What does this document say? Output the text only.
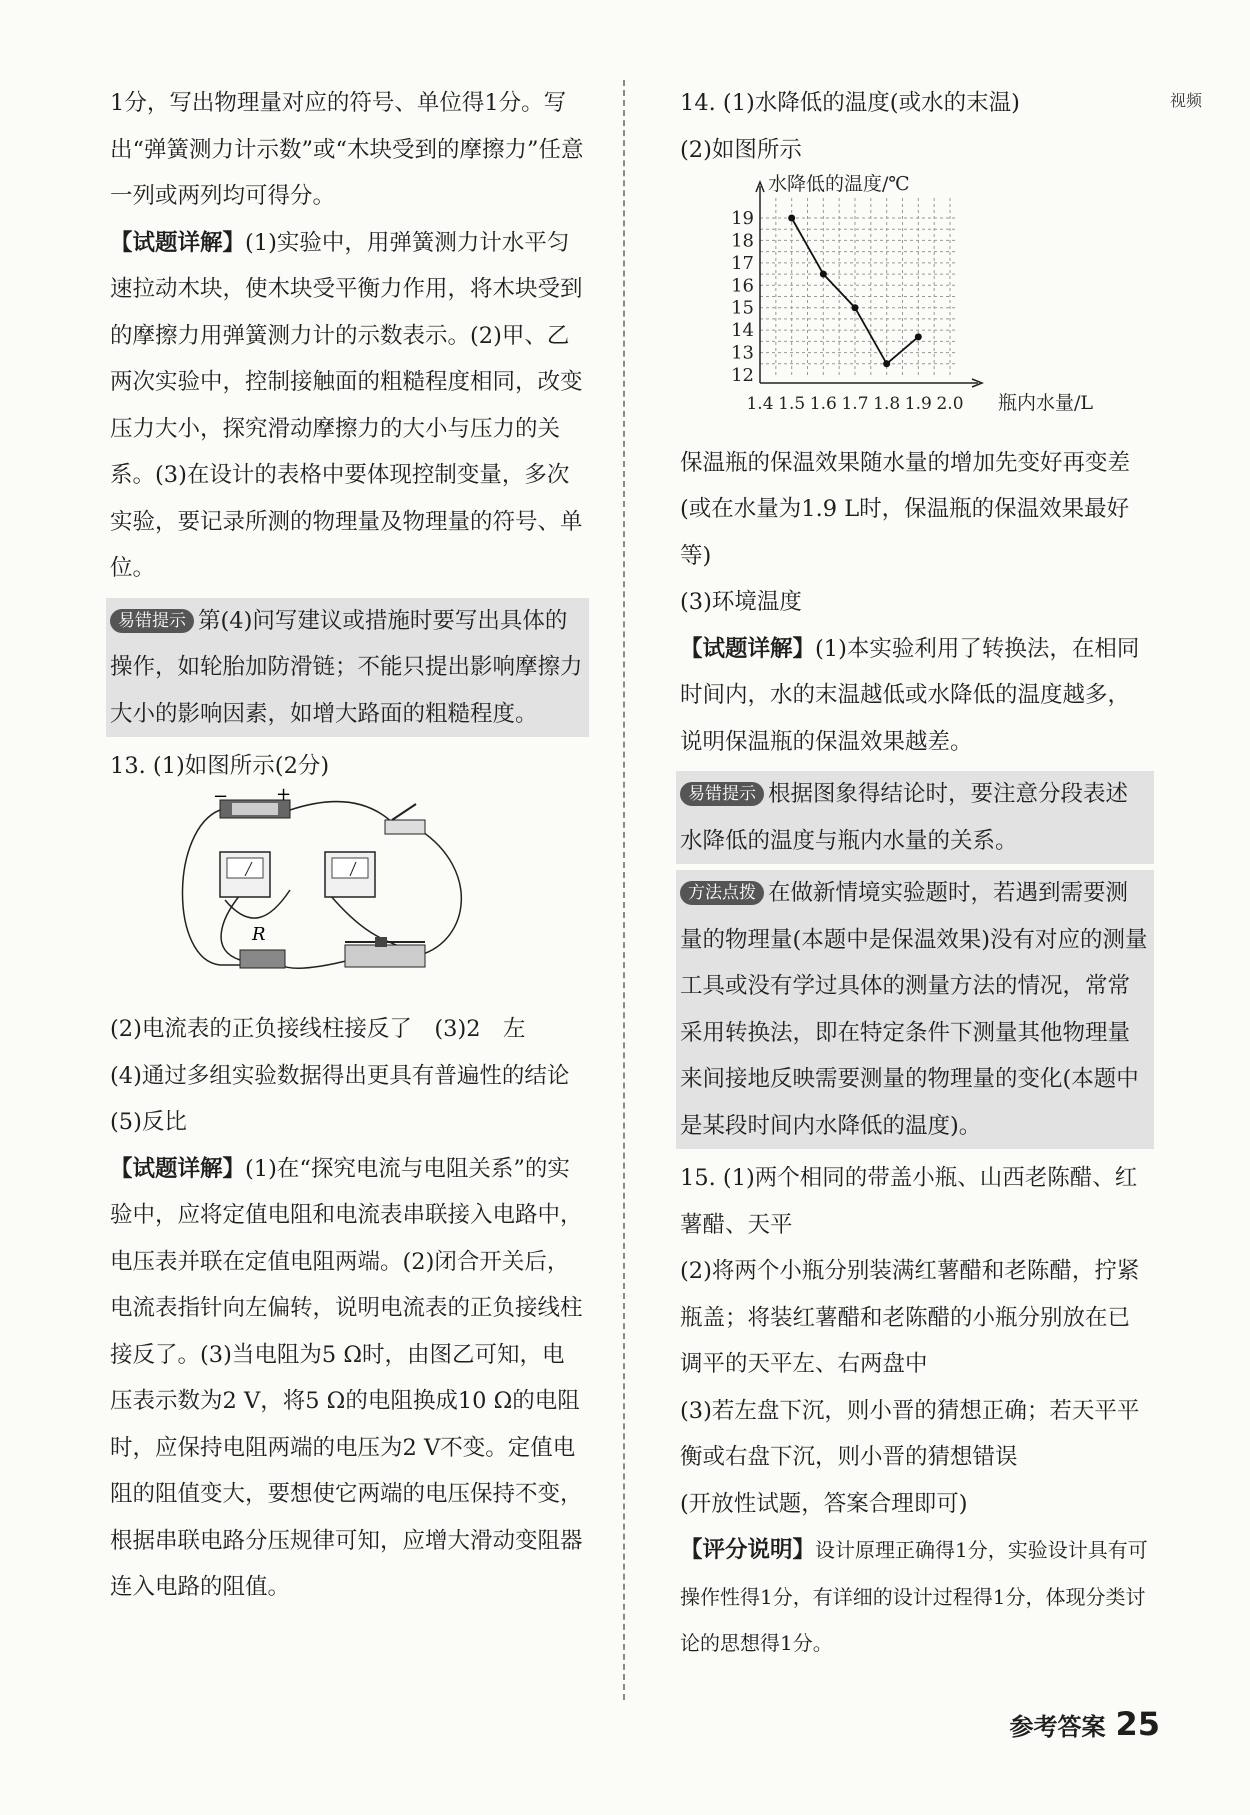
视频

1分，写出物理量对应的符号、单位得1分。写出“弹簧测力计示数”或“木块受到的摩擦力”任意一列或两列均可得分。

【试题详解】(1)实验中，用弹簧测力计水平匀速拉动木块，使木块受平衡力作用，将木块受到的摩擦力用弹簧测力计的示数表示。(2)甲、乙两次实验中，控制接触面的粗糙程度相同，改变压力大小，探究滑动摩擦力的大小与压力的关系。(3)在设计的表格中要体现控制变量，多次实验，要记录所测的物理量及物理量的符号、单位。

易错提示 第(4)问写建议或措施时要写出具体的操作，如轮胎加防滑链；不能只提出影响摩擦力大小的影响因素，如增大路面的粗糙程度。

13. (1)如图所示(2分)

−	+
R

(2)电流表的正负接线柱接反了　(3)2　左

(4)通过多组实验数据得出更具有普遍性的结论

(5)反比

【试题详解】(1)在“探究电流与电阻关系”的实验中，应将定值电阻和电流表串联接入电路中，电压表并联在定值电阻两端。(2)闭合开关后，电流表指针向左偏转，说明电流表的正负接线柱接反了。(3)当电阻为5 Ω时，由图乙可知，电压表示数为2 V，将5 Ω的电阻换成10 Ω的电阻时，应保持电阻两端的电压为2 V不变。定值电阻的阻值变大，要想使它两端的电压保持不变，根据串联电路分压规律可知，应增大滑动变阻器连入电路的阻值。

14. (1)水降低的温度(或水的末温)

(2)如图所示

12
13
14
15
16
17
18
19
1.4 1.5 1.6 1.7 1.8 1.9 2.0
水降低的温度/℃
瓶内水量/L

保温瓶的保温效果随水量的增加先变好再变差(或在水量为1.9 L时，保温瓶的保温效果最好等)

(3)环境温度

【试题详解】(1)本实验利用了转换法，在相同时间内，水的末温越低或水降低的温度越多，说明保温瓶的保温效果越差。

易错提示 根据图象得结论时，要注意分段表述水降低的温度与瓶内水量的关系。
方法点拨 在做新情境实验题时，若遇到需要测量的物理量(本题中是保温效果)没有对应的测量工具或没有学过具体的测量方法的情况，常常采用转换法，即在特定条件下测量其他物理量来间接地反映需要测量的物理量的变化(本题中是某段时间内水降低的温度)。

15. (1)两个相同的带盖小瓶、山西老陈醋、红薯醋、天平

(2)将两个小瓶分别装满红薯醋和老陈醋，拧紧瓶盖；将装红薯醋和老陈醋的小瓶分别放在已调平的天平左、右两盘中

(3)若左盘下沉，则小晋的猜想正确；若天平平衡或右盘下沉，则小晋的猜想错误

(开放性试题，答案合理即可)

【评分说明】设计原理正确得1分，实验设计具有可操作性得1分，有详细的设计过程得1分，体现分类讨论的思想得1分。

参考答案 25
